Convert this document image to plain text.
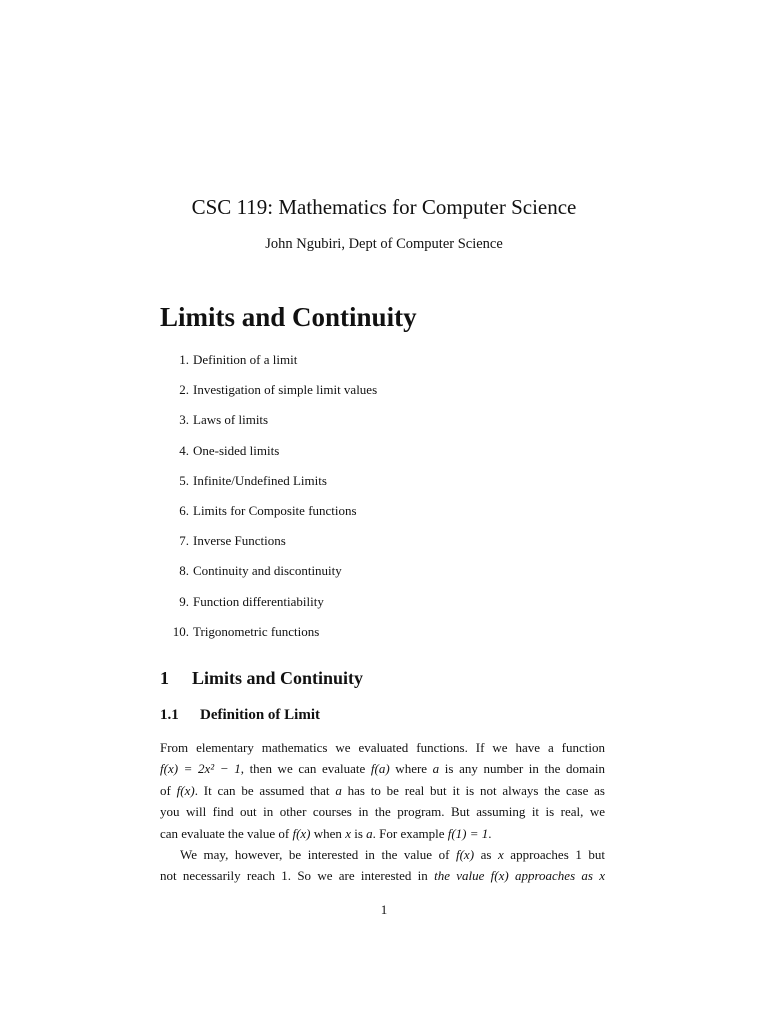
CSC 119: Mathematics for Computer Science
John Ngubiri, Dept of Computer Science
Limits and Continuity
1. Definition of a limit
2. Investigation of simple limit values
3. Laws of limits
4. One-sided limits
5. Infinite/Undefined Limits
6. Limits for Composite functions
7. Inverse Functions
8. Continuity and discontinuity
9. Function differentiability
10. Trigonometric functions
1 Limits and Continuity
1.1 Definition of Limit
From elementary mathematics we evaluated functions. If we have a function
f(x) = 2x² − 1, then we can evaluate f(a) where a is any number in the domain
of f(x). It can be assumed that a has to be real but it is not always the case as
you will find out in other courses in the program. But assuming it is real, we
can evaluate the value of f(x) when x is a. For example f(1) = 1.
We may, however, be interested in the value of f(x) as x approaches 1 but
not necessarily reach 1. So we are interested in the value f(x) approaches as x
1
